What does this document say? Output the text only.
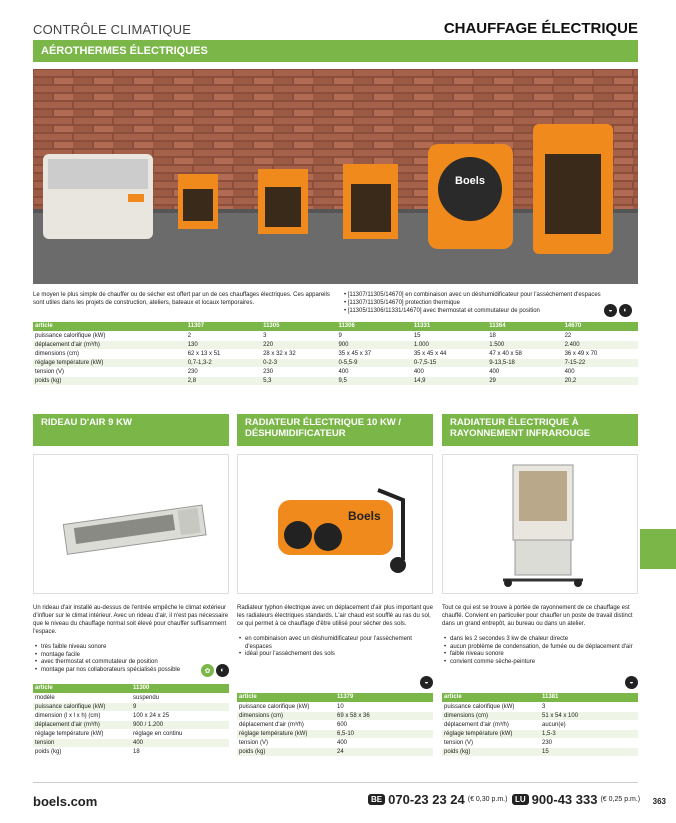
CONTRÔLE CLIMATIQUE	CHAUFFAGE ÉLECTRIQUE
AÉROTHERMES ÉLECTRIQUES
Boels

Le moyen le plus simple de chauffer ou de sécher est offert par un de ces chauffages électriques. Ces appareils sont utiles dans les projets de construction, ateliers, bateaux et locaux temporaires.

• [11307/11305/14670] en combinaison avec un déshumidificateur pour l'assèchement d'espaces
• [11307/11305/14670] protection thermique
• [11305/11306/11331/14670] avec thermostat et commutateur de position	◒	◐
article	11307	11305	11306	11331	11364	14670
puissance calorifique (kW)	2	3	9	15	18	22
déplacement d'air (m³/h)	130	220	900	1.000	1.500	2.400
dimensions (cm)	62 x 13 x 51	28 x 32 x 32	35 x 45 x 37	35 x 45 x 44	47 x 40 x 58	36 x 49 x 70
réglage température (kW)	0,7-1,3-2	0-2-3	0-5,5-9	0-7,5-15	9-13,5-18	7-15-22
tension (V)	230	230	400	400	400	400
poids (kg)	2,8	5,3	9,5	14,9	29	20,2
RIDEAU D'AIR 9 KW

Un rideau d'air installé au-dessus de l'entrée empêche le climat extérieur d'influer sur le climat intérieur. Avec un rideau d'air, il n'est pas nécessaire que le niveau du chauffage normal soit élevé pour chauffer suffisamment l'espace.

• très faible niveau sonore
• montage facile
• avec thermostat et commutateur de position
• montage par nos collaborateurs spécialisés possible	✿	◐
article	11300
modèle	suspendu
puissance calorifique (kW)	9
dimension (l x l x h) (cm)	100 x 24 x 25
déplacement d'air (m³/h)	900 / 1.200
réglage température (kW)	réglage en continu
tension	400
poids (kg)	18
RADIATEUR ÉLECTRIQUE 10 KW / DÉSHUMIDIFICATEUR
Boels

Radiateur typhon électrique avec un déplacement d'air plus important que les radiateurs électriques standards. L'air chaud est soufflé au ras du sol, ce qui permet à ce chauffage d'être utilisé pour sécher des sols.

• en combinaison avec un déshumidificateur pour l'assèchement d'espaces
• idéal pour l'assèchement des sols
◒
article	11379
puissance calorifique (kW)	10
dimensions (cm)	69 x 58 x 36
déplacement d'air (m³/h)	600
réglage température (kW)	6,5-10
tension (V)	400
poids (kg)	24
RADIATEUR ÉLECTRIQUE À RAYONNEMENT INFRAROUGE

Tout ce qui est se trouve à portée de rayonnement de ce chauffage est chauffé. Convient en particulier pour chauffer un poste de travail distinct dans un grand entrepôt, au bureau ou dans un atelier.

• dans les 2 secondes 3 kw de chaleur directe
• aucun problème de condensation, de fumée ou de déplacement d'air
• faible niveau sonore
• convient comme sèche-peinture
◒
article	11381
puissance calorifique (kW)	3
dimensions (cm)	51 x 54 x 100
déplacement d'air (m³/h)	aucun(e)
réglage température (kW)	1,5-3
tension (V)	230
poids (kg)	15
boels.com	BE 070-23 23 24 (€ 0,30 p.m.) LU 900-43 333 (€ 0,25 p.m.) 363
